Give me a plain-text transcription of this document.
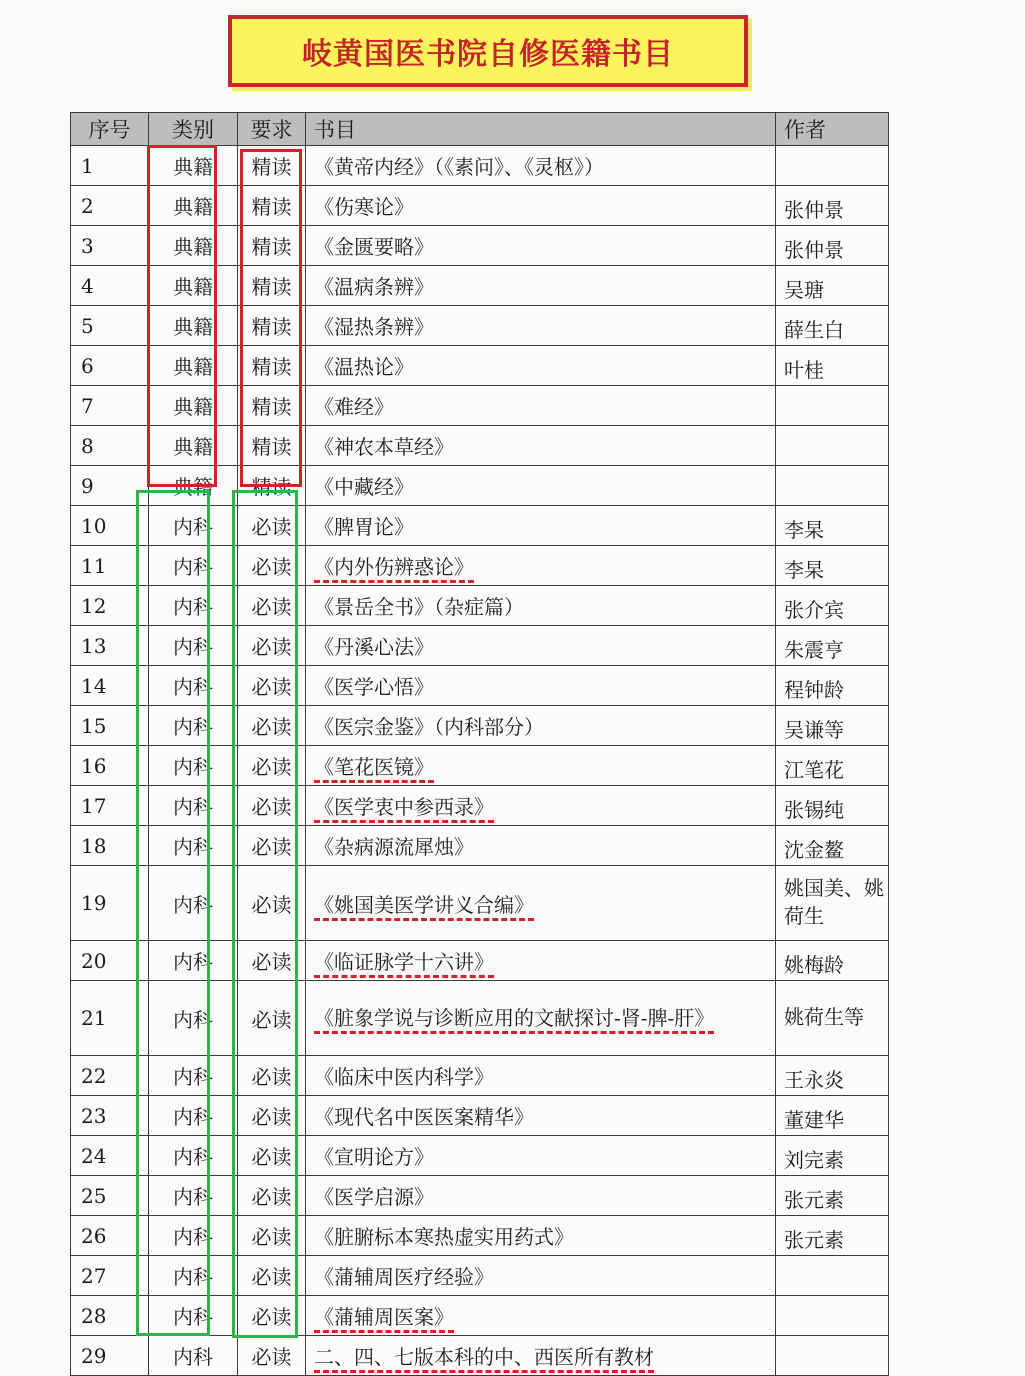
岐黄国医书院自修医籍书目
序号	类别	要求	书目	作者
1	典籍	精读	《黄帝内经》（《素问》、《灵枢》）	
2	典籍	精读	《伤寒论》	张仲景
3	典籍	精读	《金匮要略》	张仲景
4	典籍	精读	《温病条辨》	吴瑭
5	典籍	精读	《湿热条辨》	薛生白
6	典籍	精读	《温热论》	叶桂
7	典籍	精读	《难经》	
8	典籍	精读	《神农本草经》	
9	典籍	精读	《中藏经》	
10	内科	必读	《脾胃论》	李杲
11	内科	必读	《内外伤辨惑论》	李杲
12	内科	必读	《景岳全书》（杂症篇）	张介宾
13	内科	必读	《丹溪心法》	朱震亨
14	内科	必读	《医学心悟》	程钟龄
15	内科	必读	《医宗金鉴》（内科部分）	吴谦等
16	内科	必读	《笔花医镜》	江笔花
17	内科	必读	《医学衷中参西录》	张锡纯
18	内科	必读	《杂病源流犀烛》	沈金鳌
19	内科	必读	《姚国美医学讲义合编》	姚国美、姚荷生
20	内科	必读	《临证脉学十六讲》	姚梅龄
21	内科	必读	《脏象学说与诊断应用的文献探讨-肾-脾-肝》	姚荷生等
22	内科	必读	《临床中医内科学》	王永炎
23	内科	必读	《现代名中医医案精华》	董建华
24	内科	必读	《宣明论方》	刘完素
25	内科	必读	《医学启源》	张元素
26	内科	必读	《脏腑标本寒热虚实用药式》	张元素
27	内科	必读	《蒲辅周医疗经验》	
28	内科	必读	《蒲辅周医案》	
29	内科	必读	二、四、七版本科的中、西医所有教材	
